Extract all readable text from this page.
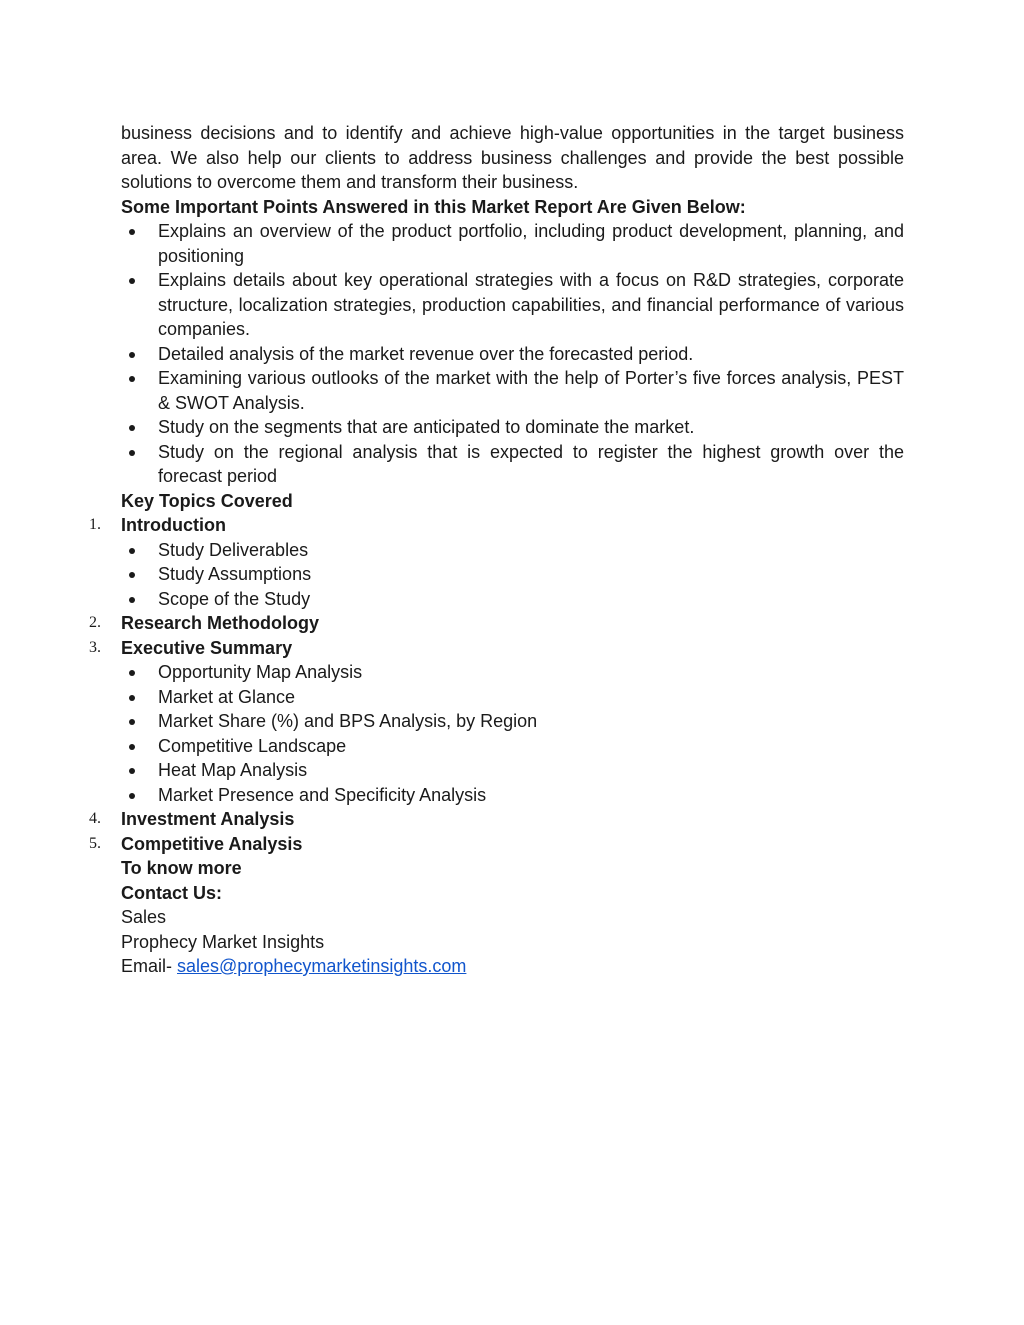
business decisions and to identify and achieve high-value opportunities in the target business area. We also help our clients to address business challenges and provide the best possible solutions to overcome them and transform their business.

Some Important Points Answered in this Market Report Are Given Below:

Explains an overview of the product portfolio, including product development, planning, and positioning
Explains details about key operational strategies with a focus on R&D strategies, corporate structure, localization strategies, production capabilities, and financial performance of various companies.
Detailed analysis of the market revenue over the forecasted period.
Examining various outlooks of the market with the help of Porter’s five forces analysis, PEST & SWOT Analysis.
Study on the segments that are anticipated to dominate the market.
Study on the regional analysis that is expected to register the highest growth over the forecast period

Key Topics Covered

1. Introduction
Study Deliverables
Study Assumptions
Scope of the Study
2. Research Methodology
3. Executive Summary
Opportunity Map Analysis
Market at Glance
Market Share (%) and BPS Analysis, by Region
Competitive Landscape
Heat Map Analysis
Market Presence and Specificity Analysis
4. Investment Analysis
5. Competitive Analysis

To know more

Contact Us:

Sales

Prophecy Market Insights

Email- sales@prophecymarketinsights.com
